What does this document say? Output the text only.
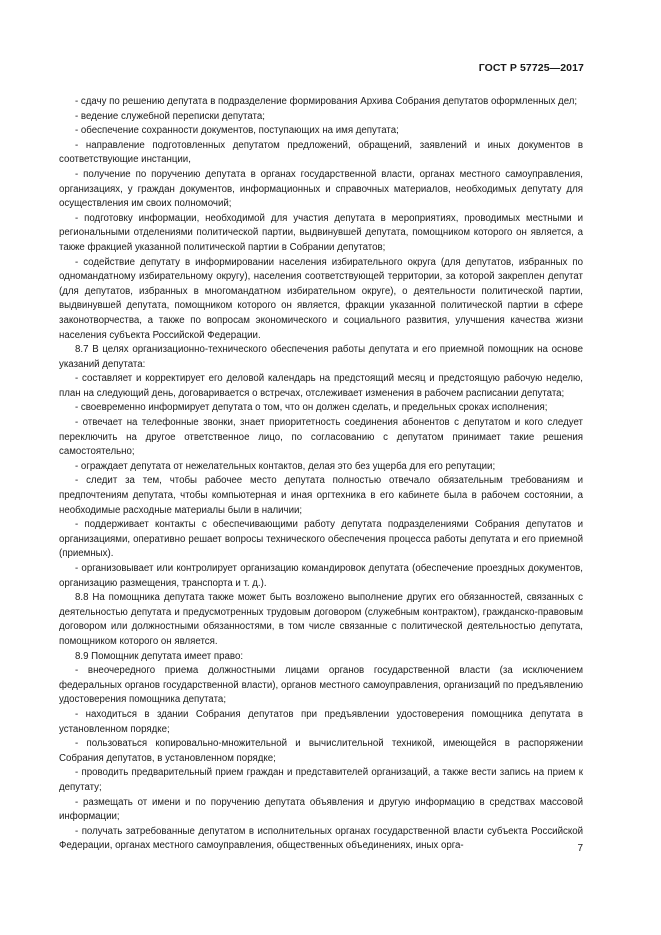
ГОСТ Р 57725—2017

- сдачу по решению депутата в подразделение формирования Архива Собрания депутатов оформленных дел;

- ведение служебной переписки депутата;

- обеспечение сохранности документов, поступающих на имя депутата;

- направление подготовленных депутатом предложений, обращений, заявлений и иных документов в соответствующие инстанции,

- получение по поручению депутата в органах государственной власти, органах местного самоуправления, организациях, у граждан документов, информационных и справочных материалов, необходимых депутату для осуществления им своих полномочий;

- подготовку информации, необходимой для участия депутата в мероприятиях, проводимых местными и региональными отделениями политической партии, выдвинувшей депутата, помощником которого он является, а также фракцией указанной политической партии в Собрании депутатов;

- содействие депутату в информировании населения избирательного округа (для депутатов, избранных по одномандатному избирательному округу), населения соответствующей территории, за которой закреплен депутат (для депутатов, избранных в многомандатном избирательном округе), о деятельности политической партии, выдвинувшей депутата, помощником которого он является, фракции указанной политической партии в сфере законотворчества, а также по вопросам экономического и социального развития, улучшения качества жизни населения субъекта Российской Федерации.

8.7 В целях организационно-технического обеспечения работы депутата и его приемной помощник на основе указаний депутата:

- составляет и корректирует его деловой календарь на предстоящий месяц и предстоящую рабочую неделю, план на следующий день, договаривается о встречах, отслеживает изменения в рабочем расписании депутата;

- своевременно информирует депутата о том, что он должен сделать, и предельных сроках исполнения;

- отвечает на телефонные звонки, знает приоритетность соединения абонентов с депутатом и кого следует переключить на другое ответственное лицо, по согласованию с депутатом принимает такие решения самостоятельно;

- ограждает депутата от нежелательных контактов, делая это без ущерба для его репутации;

- следит за тем, чтобы рабочее место депутата полностью отвечало обязательным требованиям и предпочтениям депутата, чтобы компьютерная и иная оргтехника в его кабинете была в рабочем состоянии, а необходимые расходные материалы были в наличии;

- поддерживает контакты с обеспечивающими работу депутата подразделениями Собрания депутатов и организациями, оперативно решает вопросы технического обеспечения процесса работы депутата и его приемной (приемных).

- организовывает или контролирует организацию командировок депутата (обеспечение проездных документов, организацию размещения, транспорта и т. д.).

8.8 На помощника депутата также может быть возложено выполнение других его обязанностей, связанных с деятельностью депутата и предусмотренных трудовым договором (служебным контрактом), гражданско-правовым договором или должностными обязанностями, в том числе связанные с политической деятельностью депутата, помощником которого он является.

8.9 Помощник депутата имеет право:

- внеочередного приема должностными лицами органов государственной власти (за исключением федеральных органов государственной власти), органов местного самоуправления, организаций по предъявлению удостоверения помощника депутата;

- находиться в здании Собрания депутатов при предъявлении удостоверения помощника депутата в установленном порядке;

- пользоваться копировально-множительной и вычислительной техникой, имеющейся в распоряжении Собрания депутатов, в установленном порядке;

- проводить предварительный прием граждан и представителей организаций, а также вести запись на прием к депутату;

- размещать от имени и по поручению депутата объявления и другую информацию в средствах массовой информации;

- получать затребованные депутатом в исполнительных органах государственной власти субъекта Российской Федерации, органах местного самоуправления, общественных объединениях, иных орга-	7
